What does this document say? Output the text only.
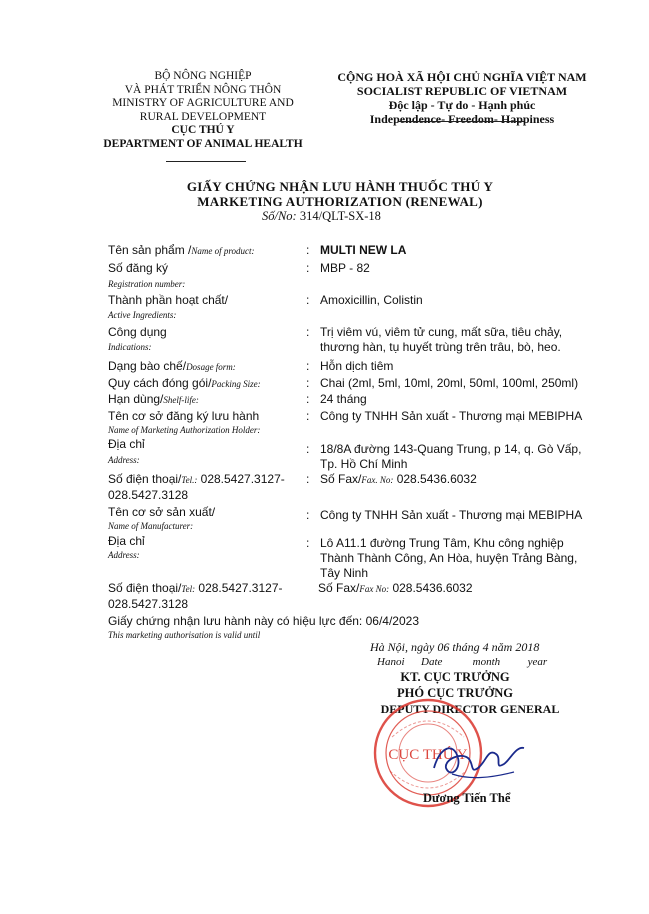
BỘ NÔNG NGHIỆP
VÀ PHÁT TRIỂN NÔNG THÔN
MINISTRY OF AGRICULTURE AND
RURAL DEVELOPMENT
CỤC THÚ Y
DEPARTMENT OF ANIMAL HEALTH
CỘNG HOÀ XÃ HỘI CHỦ NGHĨA VIỆT NAM
SOCIALIST REPUBLIC OF VIETNAM
Độc lập - Tự do - Hạnh phúc
Independence- Freedom- Happiness
GIẤY CHỨNG NHẬN LƯU HÀNH THUỐC THÚ Y
MARKETING AUTHORIZATION (RENEWAL)
Số/No: 314/QLT-SX-18
Tên sản phẩm /Name of product:	: MULTI NEW LA
Số đăng ký
Registration number:
: MBP - 82
Thành phần hoạt chất/
Active Ingredients:
: Amoxicillin, Colistin
Công dụng
Indications:
: Trị viêm vú, viêm tử cung, mất sữa, tiêu chảy,
thương hàn, tụ huyết trùng trên trâu, bò, heo.
Dạng bào chế/Dosage form:	: Hỗn dịch tiêm
Quy cách đóng gói/Packing Size:	: Chai (2ml, 5ml, 10ml, 20ml, 50ml, 100ml, 250ml)
Hạn dùng/Shelf-life:	: 24 tháng
Tên cơ sở đăng ký lưu hành
Name of Marketing Authorization Holder:
: Công ty TNHH Sản xuất - Thương mại MEBIPHA
Địa chỉ
Address:
: 18/8A đường 143-Quang Trung, p 14, q. Gò Vấp,
Tp. Hồ Chí Minh
Số điện thoại/Tel.: 028.5427.3127-
028.5427.3128
: Số Fax/Fax. No: 028.5436.6032
Tên cơ sở sản xuất/
Name of Manufacturer:
: Công ty TNHH Sản xuất - Thương mại MEBIPHA
Địa chỉ
Address:
: Lô A11.1 đường Trung Tâm, Khu công nghiệp
Thành Thành Công, An Hòa, huyện Trảng Bàng,
Tây Ninh
Số điện thoại/Tel: 028.5427.3127-
028.5427.3128
Số Fax/Fax No: 028.5436.6032
Giấy chứng nhận lưu hành này có hiệu lực đến: 06/4/2023
This marketing authorisation is valid until
Hà Nội, ngày 06 tháng 4 năm 2018
Hanoi      Date           month          year
KT. CỤC TRƯỞNG
PHÓ CỤC TRƯỞNG
DEPUTY DIRECTOR GENERAL
CỤC THÚ Y
Dương Tiến Thể
